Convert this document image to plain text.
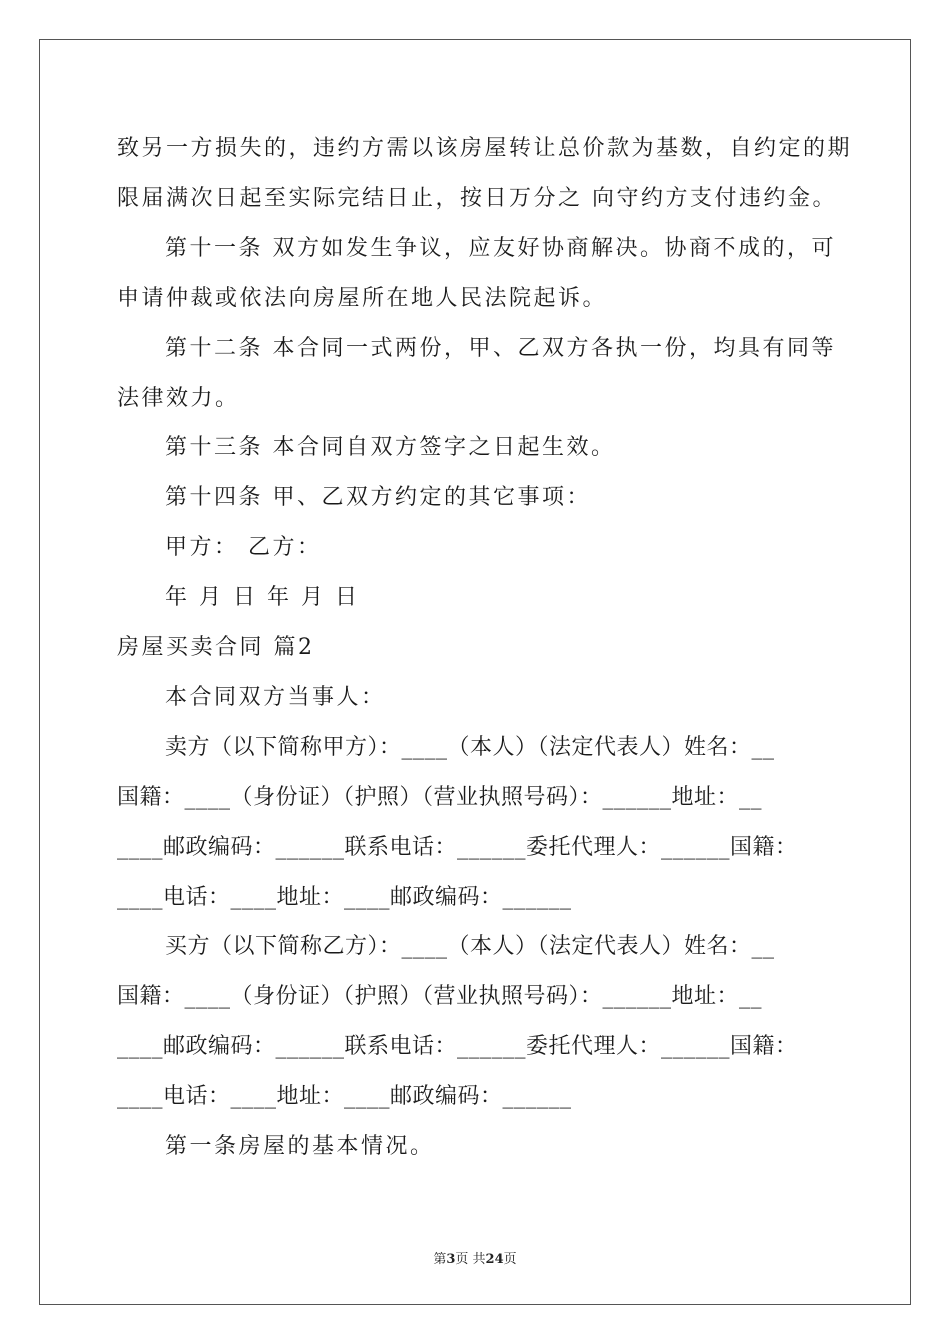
致另一方损失的，违约方需以该房屋转让总价款为基数，自约定的期
限届满次日起至实际完结日止，按日万分之 向守约方支付违约金。
第十一条 双方如发生争议，应友好协商解决。协商不成的，可
申请仲裁或依法向房屋所在地人民法院起诉。
第十二条 本合同一式两份，甲、乙双方各执一份，均具有同等
法律效力。
第十三条 本合同自双方签字之日起生效。
第十四条 甲、乙双方约定的其它事项：
甲方： 乙方：
年 月 日 年 月 日
房屋买卖合同 篇2
本合同双方当事人：
卖方（以下简称甲方）：____（本人）（法定代表人）姓名：__
国籍：____（身份证）（护照）（营业执照号码）：______地址：__
____邮政编码：______联系电话：______委托代理人：______国籍：
____电话：____地址：____邮政编码：______
买方（以下简称乙方）：____（本人）（法定代表人）姓名：__
国籍：____（身份证）（护照）（营业执照号码）：______地址：__
____邮政编码：______联系电话：______委托代理人：______国籍：
____电话：____地址：____邮政编码：______
第一条房屋的基本情况。
第3页 共24页
